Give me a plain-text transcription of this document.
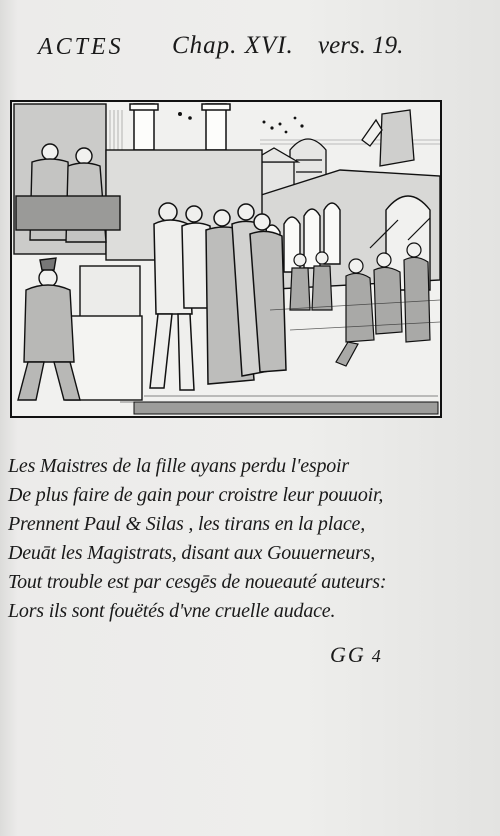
ACTES Chap. XVI. vers. 19.
Les Maistres de la fille ayans perdu l'espoir
De plus faire de gain pour croistre leur pouuoir,
Prennent Paul & Silas , les tirans en la place,
Deuāt les Magistrats, disant aux Gouuerneurs,
Tout trouble est par cesgēs de noueauté auteurs:
Lors ils sont fouëtés d'vne cruelle audace.
GG 4
